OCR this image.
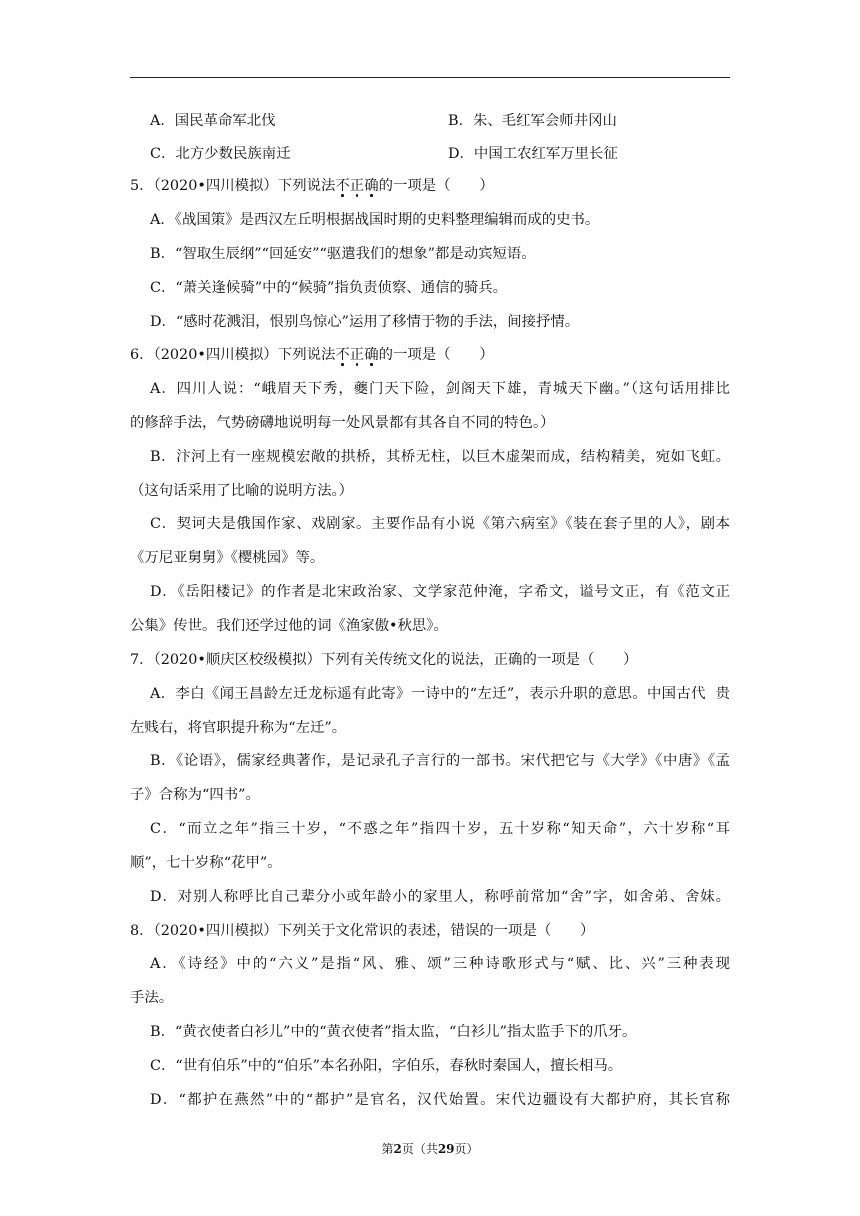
A．国民革命军北伐	B．朱、毛红军会师井冈山
C．北方少数民族南迁	D．中国工农红军万里长征
5．（2020•四川模拟）下列说法不正确的一项是（　　）
A．《战国策》是西汉左丘明根据战国时期的史料整理编辑而成的史书。
B．“智取生辰纲”“回延安”“驱遣我们的想象”都是动宾短语。
C．“萧关逢候骑”中的“候骑”指负责侦察、通信的骑兵。
D．“感时花溅泪，恨别鸟惊心”运用了移情于物的手法，间接抒情。
6．（2020•四川模拟）下列说法不正确的一项是（　　）
A．四川人说：“峨眉天下秀，夔门天下险，剑阁天下雄，青城天下幽。”（这句话用排比
的修辞手法，气势磅礴地说明每一处风景都有其各自不同的特色。）
B．汴河上有一座规模宏敞的拱桥，其桥无柱，以巨木虚架而成，结构精美，宛如飞虹。
（这句话采用了比喻的说明方法。）
C．契诃夫是俄国作家、戏剧家。主要作品有小说《第六病室》《装在套子里的人》，剧本
《万尼亚舅舅》《樱桃园》等。
D．《岳阳楼记》的作者是北宋政治家、文学家范仲淹，字希文，谥号文正，有《范文正
公集》传世。我们还学过他的词《渔家傲•秋思》。
7．（2020•顺庆区校级模拟）下列有关传统文化的说法，正确的一项是（　　）
A．李白《闻王昌龄左迁龙标遥有此寄》一诗中的“左迁”，表示升职的意思。中国古代  贵
左贱右，将官职提升称为“左迁”。
B．《论语》，儒家经典著作，是记录孔子言行的一部书。宋代把它与《大学》《中唐》《孟
子》合称为“四书”。
C．“而立之年”指三十岁，“不惑之年”指四十岁，五十岁称“知天命”，六十岁称“耳
顺”，七十岁称“花甲”。
D．对别人称呼比自己辈分小或年龄小的家里人，称呼前常加“舍”字，如舍弟、舍妹。
8．（2020•四川模拟）下列关于文化常识的表述，错误的一项是（　　）
A．《诗经》中的“六义”是指“风、雅、颂”三种诗歌形式与“赋、比、兴”三种表现
手法。
B．“黄衣使者白衫儿”中的“黄衣使者”指太监，“白衫儿”指太监手下的爪牙。
C．“世有伯乐”中的“伯乐”本名孙阳，字伯乐，春秋时秦国人，擅长相马。
D．“都护在燕然”中的“都护”是官名，汉代始置。宋代边疆设有大都护府，其长官称
第2页（共29页）
